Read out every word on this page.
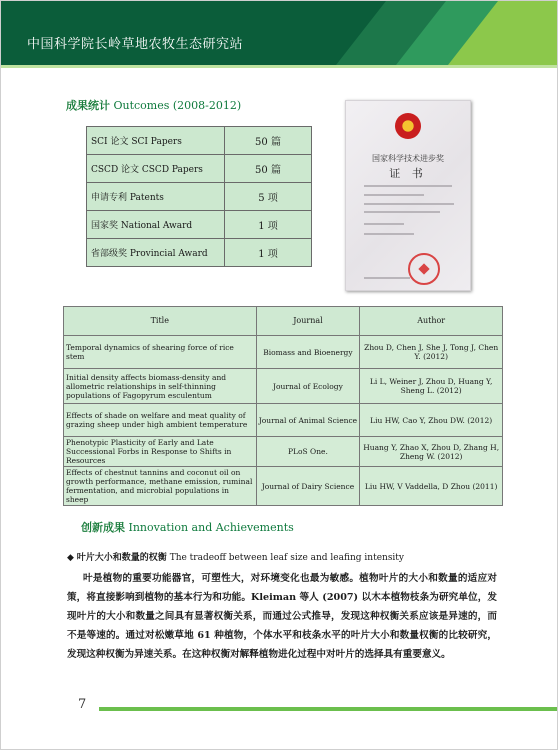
中国科学院长岭草地农牧生态研究站
成果统计 Outcomes (2008-2012)
SCI 论文 SCI Papers	50 篇
CSCD 论文 CSCD Papers	50 篇
申请专利 Patents	5 项
国家奖 National Award	1 项
省部级奖 Provincial Award	1 项
国家科学技术进步奖
证 书
Title	Journal	Author
Temporal dynamics of shearing force of rice stem	Biomass and Bioenergy	Zhou D, Chen J, She J, Tong J, Chen Y. (2012)
Initial density affects biomass-density and allometric relationships in self-thinning populations of Fagopyrum esculentum	Journal of Ecology	Li L, Weiner J, Zhou D, Huang Y, Sheng L. (2012)
Effects of shade on welfare and meat quality of grazing sheep under high ambient temperature	Journal of Animal Science	Liu HW, Cao Y, Zhou DW. (2012)
Phenotypic Plasticity of Early and Late Successional Forbs in Response to Shifts in Resources	PLoS One.	Huang Y, Zhao X, Zhou D, Zhang H, Zheng W. (2012)
Effects of chestnut tannins and coconut oil on growth performance, methane emission, ruminal fermentation, and microbial populations in sheep	Journal of Dairy Science	Liu HW, V Vaddella, D Zhou (2011)
创新成果 Innovation and Achievements
◆ 叶片大小和数量的权衡 The tradeoff between leaf size and leafing intensity

叶是植物的重要功能器官，可塑性大，对环境变化也最为敏感。植物叶片的大小和数量的适应对策，将直接影响到植物的基本行为和功能。Kleiman 等人 (2007) 以木本植物枝条为研究单位，发现叶片的大小和数量之间具有显著权衡关系，而通过公式推导，发现这种权衡关系应该是异速的，而不是等速的。通过对松嫩草地 61 种植物，个体水平和枝条水平的叶片大小和数量权衡的比较研究，发现这种权衡为异速关系。在这种权衡对解释植物进化过程中对叶片的选择具有重要意义。

7
